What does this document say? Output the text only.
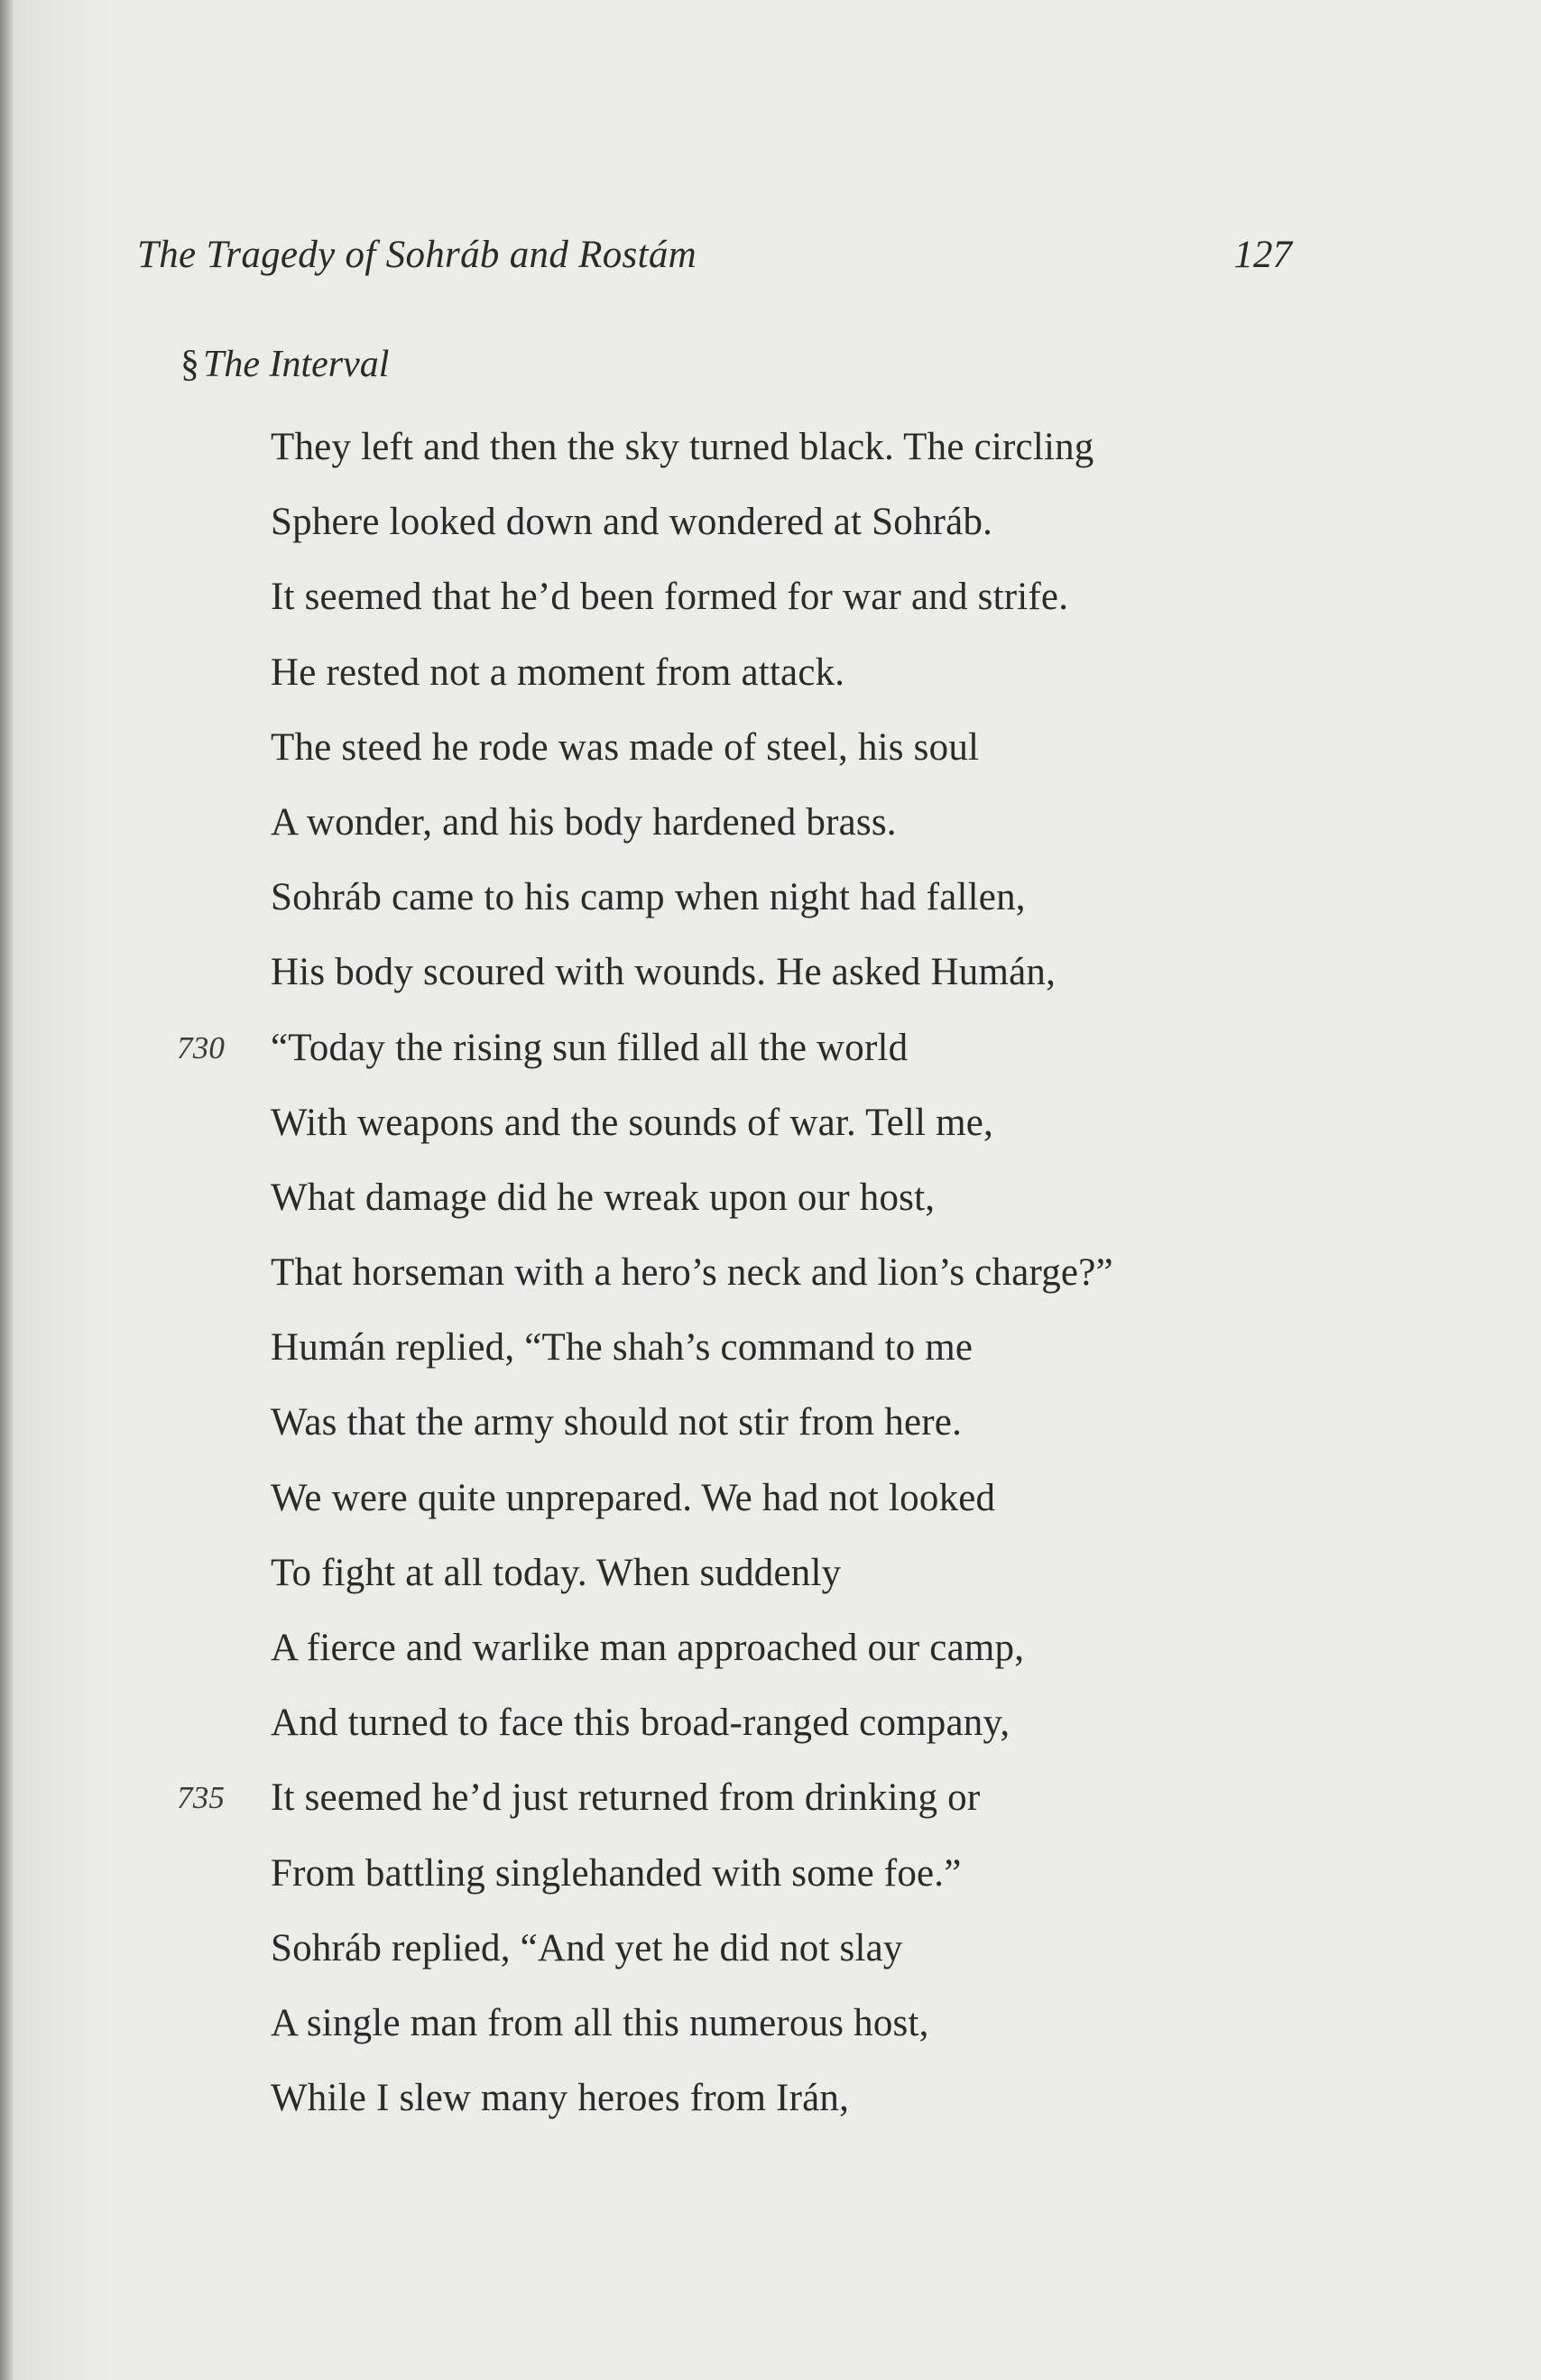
The Tragedy of Sohráb and Rostám	127
§The Interval
They left and then the sky turned black. The circling
Sphere looked down and wondered at Sohráb.
It seemed that he’d been formed for war and strife.
He rested not a moment from attack.
The steed he rode was made of steel, his soul
A wonder, and his body hardened brass.
Sohráb came to his camp when night had fallen,
His body scoured with wounds. He asked Humán,
730 “Today the rising sun filled all the world
With weapons and the sounds of war. Tell me,
What damage did he wreak upon our host,
That horseman with a hero’s neck and lion’s charge?”
Humán replied, “The shah’s command to me
Was that the army should not stir from here.
We were quite unprepared. We had not looked
To fight at all today. When suddenly
A fierce and warlike man approached our camp,
And turned to face this broad-ranged company,
735 It seemed he’d just returned from drinking or
From battling singlehanded with some foe.”
Sohráb replied, “And yet he did not slay
A single man from all this numerous host,
While I slew many heroes from Irán,
